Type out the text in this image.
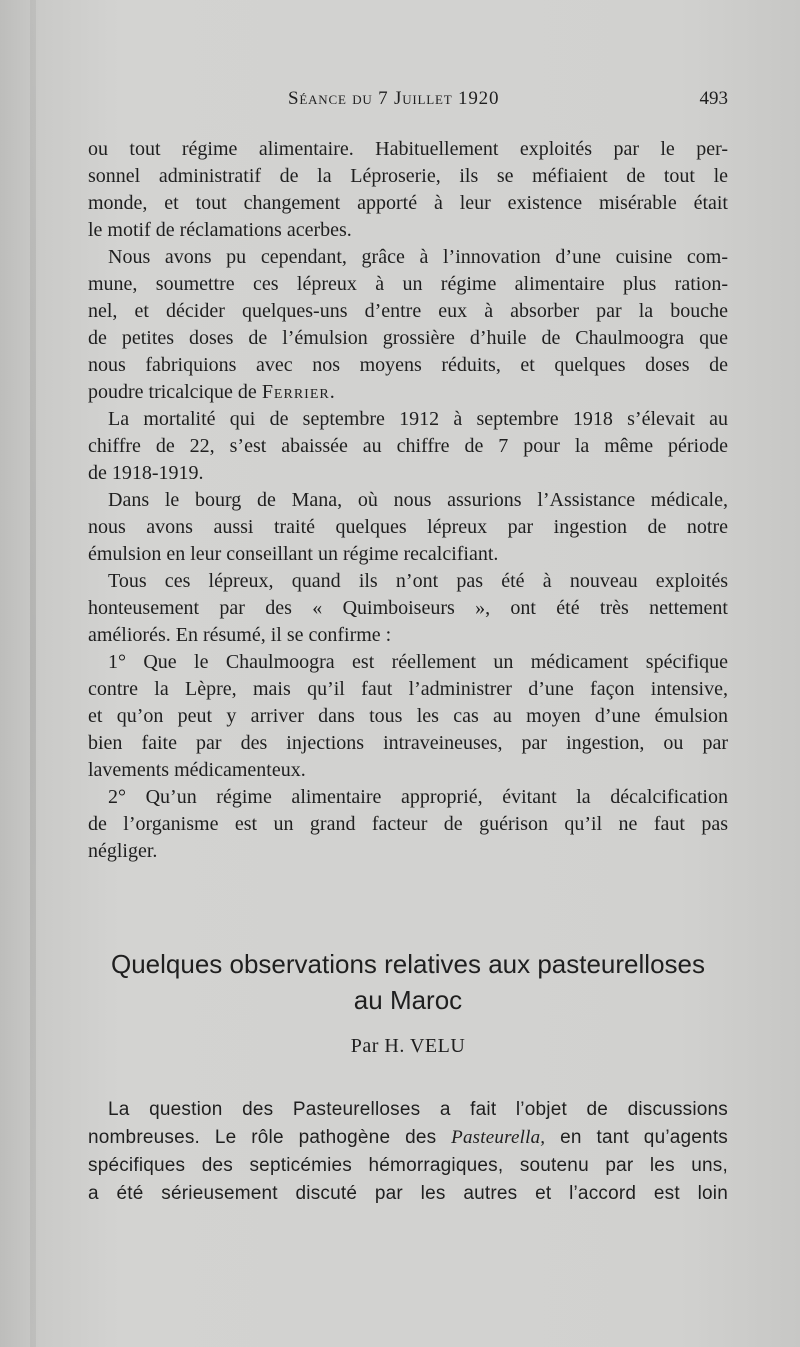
Séance du 7 Juillet 1920	493
ou tout régime alimentaire. Habituellement exploités par le per-
sonnel administratif de la Léproserie, ils se méfiaient de tout le
monde, et tout changement apporté à leur existence misérable était
le motif de réclamations acerbes.
Nous avons pu cependant, grâce à l’innovation d’une cuisine com-
mune, soumettre ces lépreux à un régime alimentaire plus ration-
nel, et décider quelques-uns d’entre eux à absorber par la bouche
de petites doses de l’émulsion grossière d’huile de Chaulmoogra que
nous fabriquions avec nos moyens réduits, et quelques doses de
poudre tricalcique de Ferrier.
La mortalité qui de septembre 1912 à septembre 1918 s’élevait au
chiffre de 22, s’est abaissée au chiffre de 7 pour la même période
de 1918-1919.
Dans le bourg de Mana, où nous assurions l’Assistance médicale,
nous avons aussi traité quelques lépreux par ingestion de notre
émulsion en leur conseillant un régime recalcifiant.
Tous ces lépreux, quand ils n’ont pas été à nouveau exploités
honteusement par des « Quimboiseurs », ont été très nettement
améliorés. En résumé, il se confirme :
1° Que le Chaulmoogra est réellement un médicament spécifique
contre la Lèpre, mais qu’il faut l’administrer d’une façon intensive,
et qu’on peut y arriver dans tous les cas au moyen d’une émulsion
bien faite par des injections intraveineuses, par ingestion, ou par
lavements médicamenteux.
2° Qu’un régime alimentaire approprié, évitant la décalcification
de l’organisme est un grand facteur de guérison qu’il ne faut pas
négliger.
Quelques observations relatives aux pasteurelloses
au Maroc
Par H. VELU
La question des Pasteurelloses a fait l’objet de discussions
nombreuses. Le rôle pathogène des Pasteurella, en tant qu’agents
spécifiques des septicémies hémorragiques, soutenu par les uns,
a été sérieusement discuté par les autres et l’accord est loin
